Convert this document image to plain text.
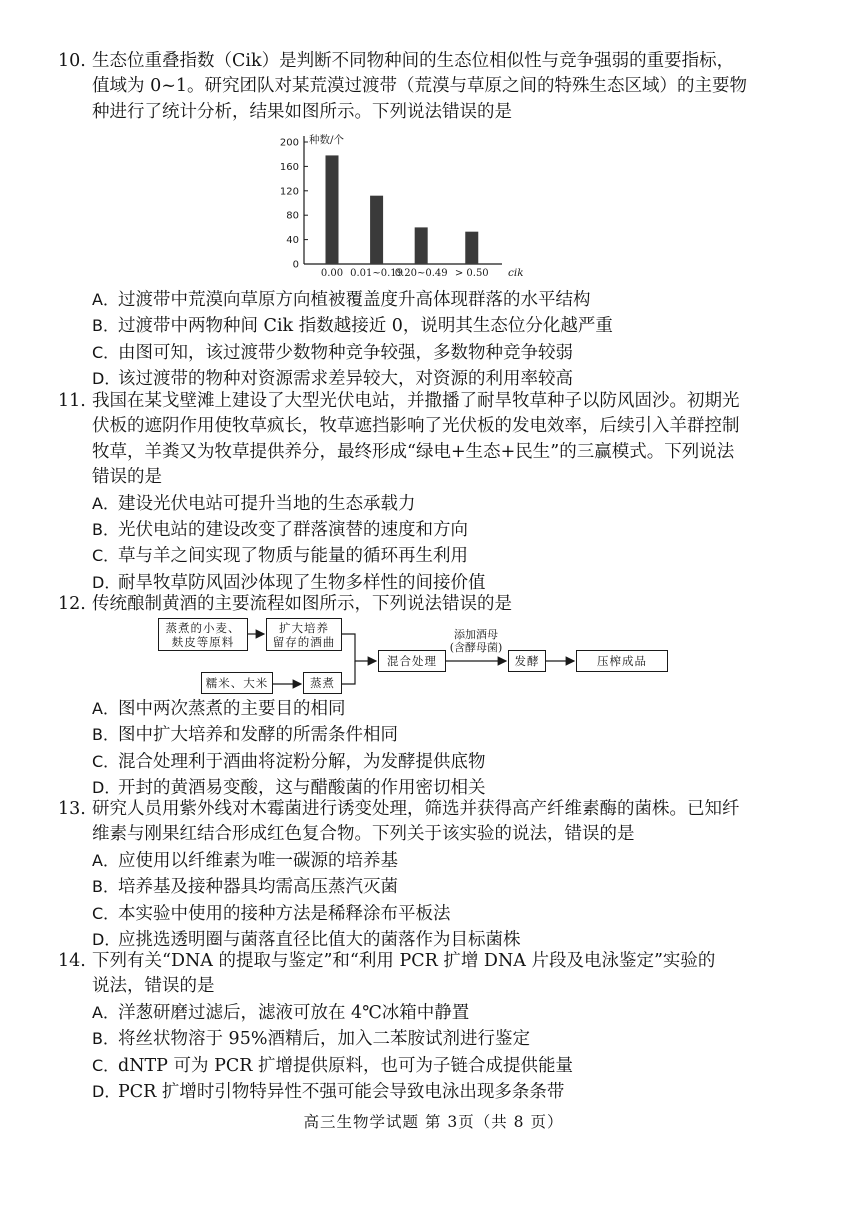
10. 生态位重叠指数（Cik）是判断不同物种间的生态位相似性与竞争强弱的重要指标，
值域为 0~1。研究团队对某荒漠过渡带（荒漠与草原之间的特殊生态区域）的主要物
种进行了统计分析，结果如图所示。下列说法错误的是
0
40
80
120
160
200 种数/个
0.00 0.01~0.19
0.20~0.49 > 0.50 cik
A．过渡带中荒漠向草原方向植被覆盖度升高体现群落的水平结构
B．过渡带中两物种间 Cik 指数越接近 0，说明其生态位分化越严重
C．由图可知，该过渡带少数物种竞争较强，多数物种竞争较弱
D．该过渡带的物种对资源需求差异较大，对资源的利用率较高
11. 我国在某戈壁滩上建设了大型光伏电站，并撒播了耐旱牧草种子以防风固沙。初期光
伏板的遮阴作用使牧草疯长，牧草遮挡影响了光伏板的发电效率，后续引入羊群控制
牧草，羊粪又为牧草提供养分，最终形成“绿电+生态+民生”的三赢模式。下列说法
错误的是
A．建设光伏电站可提升当地的生态承载力
B．光伏电站的建设改变了群落演替的速度和方向
C．草与羊之间实现了物质与能量的循环再生利用
D．耐旱牧草防风固沙体现了生物多样性的间接价值
12. 传统酿制黄酒的主要流程如图所示，下列说法错误的是
蒸煮的小麦、
麸皮等原料
扩大培养
留存的酒曲
糯米、大米	蒸煮
混合处理
添加酒母
(含酵母菌)
发酵	压榨成品
A．图中两次蒸煮的主要目的相同
B．图中扩大培养和发酵的所需条件相同
C．混合处理利于酒曲将淀粉分解，为发酵提供底物
D．开封的黄酒易变酸，这与醋酸菌的作用密切相关
13. 研究人员用紫外线对木霉菌进行诱变处理，筛选并获得高产纤维素酶的菌株。已知纤
维素与刚果红结合形成红色复合物。下列关于该实验的说法，错误的是
A．应使用以纤维素为唯一碳源的培养基
B．培养基及接种器具均需高压蒸汽灭菌
C．本实验中使用的接种方法是稀释涂布平板法
D．应挑选透明圈与菌落直径比值大的菌落作为目标菌株
14. 下列有关“DNA 的提取与鉴定”和“利用 PCR 扩增 DNA 片段及电泳鉴定”实验的
说法，错误的是
A．洋葱研磨过滤后，滤液可放在 4℃冰箱中静置
B．将丝状物溶于 95%酒精后，加入二苯胺试剂进行鉴定
C．dNTP 可为 PCR 扩增提供原料，也可为子链合成提供能量
D．PCR 扩增时引物特异性不强可能会导致电泳出现多条条带
高三生物学试题 第 3页（共 8 页）
